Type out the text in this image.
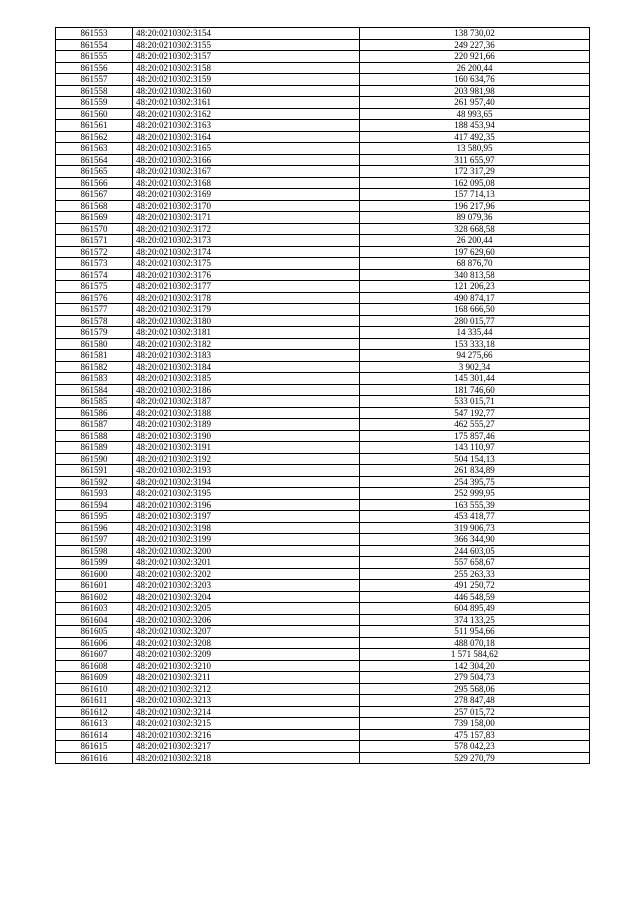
861553	48:20:0210302:3154	138 730,02
861554	48:20:0210302:3155	249 227,36
861555	48:20:0210302:3157	220 921,66
861556	48:20:0210302:3158	26 200,44
861557	48:20:0210302:3159	160 634,76
861558	48:20:0210302:3160	203 981,98
861559	48:20:0210302:3161	261 957,40
861560	48:20:0210302:3162	48 993,65
861561	48:20:0210302:3163	188 453,94
861562	48:20:0210302:3164	417 492,35
861563	48:20:0210302:3165	13 580,95
861564	48:20:0210302:3166	311 655,97
861565	48:20:0210302:3167	172 317,29
861566	48:20:0210302:3168	162 095,08
861567	48:20:0210302:3169	157 714,13
861568	48:20:0210302:3170	196 217,96
861569	48:20:0210302:3171	89 079,36
861570	48:20:0210302:3172	328 668,58
861571	48:20:0210302:3173	26 200,44
861572	48:20:0210302:3174	197 629,60
861573	48:20:0210302:3175	68 876,70
861574	48:20:0210302:3176	340 813,58
861575	48:20:0210302:3177	121 206,23
861576	48:20:0210302:3178	490 874,17
861577	48:20:0210302:3179	168 666,50
861578	48:20:0210302:3180	280 015,77
861579	48:20:0210302:3181	14 335,44
861580	48:20:0210302:3182	153 333,18
861581	48:20:0210302:3183	94 275,66
861582	48:20:0210302:3184	3 902,34
861583	48:20:0210302:3185	145 301,44
861584	48:20:0210302:3186	181 746,60
861585	48:20:0210302:3187	533 015,71
861586	48:20:0210302:3188	547 192,77
861587	48:20:0210302:3189	462 555,27
861588	48:20:0210302:3190	175 857,46
861589	48:20:0210302:3191	143 110,97
861590	48:20:0210302:3192	504 154,13
861591	48:20:0210302:3193	261 834,89
861592	48:20:0210302:3194	254 395,75
861593	48:20:0210302:3195	252 999,95
861594	48:20:0210302:3196	163 555,39
861595	48:20:0210302:3197	453 418,77
861596	48:20:0210302:3198	319 906,73
861597	48:20:0210302:3199	366 344,90
861598	48:20:0210302:3200	244 603,05
861599	48:20:0210302:3201	557 658,67
861600	48:20:0210302:3202	255 263,33
861601	48:20:0210302:3203	491 250,72
861602	48:20:0210302:3204	446 548,59
861603	48:20:0210302:3205	604 895,49
861604	48:20:0210302:3206	374 133,25
861605	48:20:0210302:3207	511 954,66
861606	48:20:0210302:3208	488 070,18
861607	48:20:0210302:3209	1 571 584,62
861608	48:20:0210302:3210	142 304,20
861609	48:20:0210302:3211	279 504,73
861610	48:20:0210302:3212	295 568,06
861611	48:20:0210302:3213	278 847,48
861612	48:20:0210302:3214	257 015,72
861613	48:20:0210302:3215	739 158,00
861614	48:20:0210302:3216	475 157,83
861615	48:20:0210302:3217	578 042,23
861616	48:20:0210302:3218	529 270,79
